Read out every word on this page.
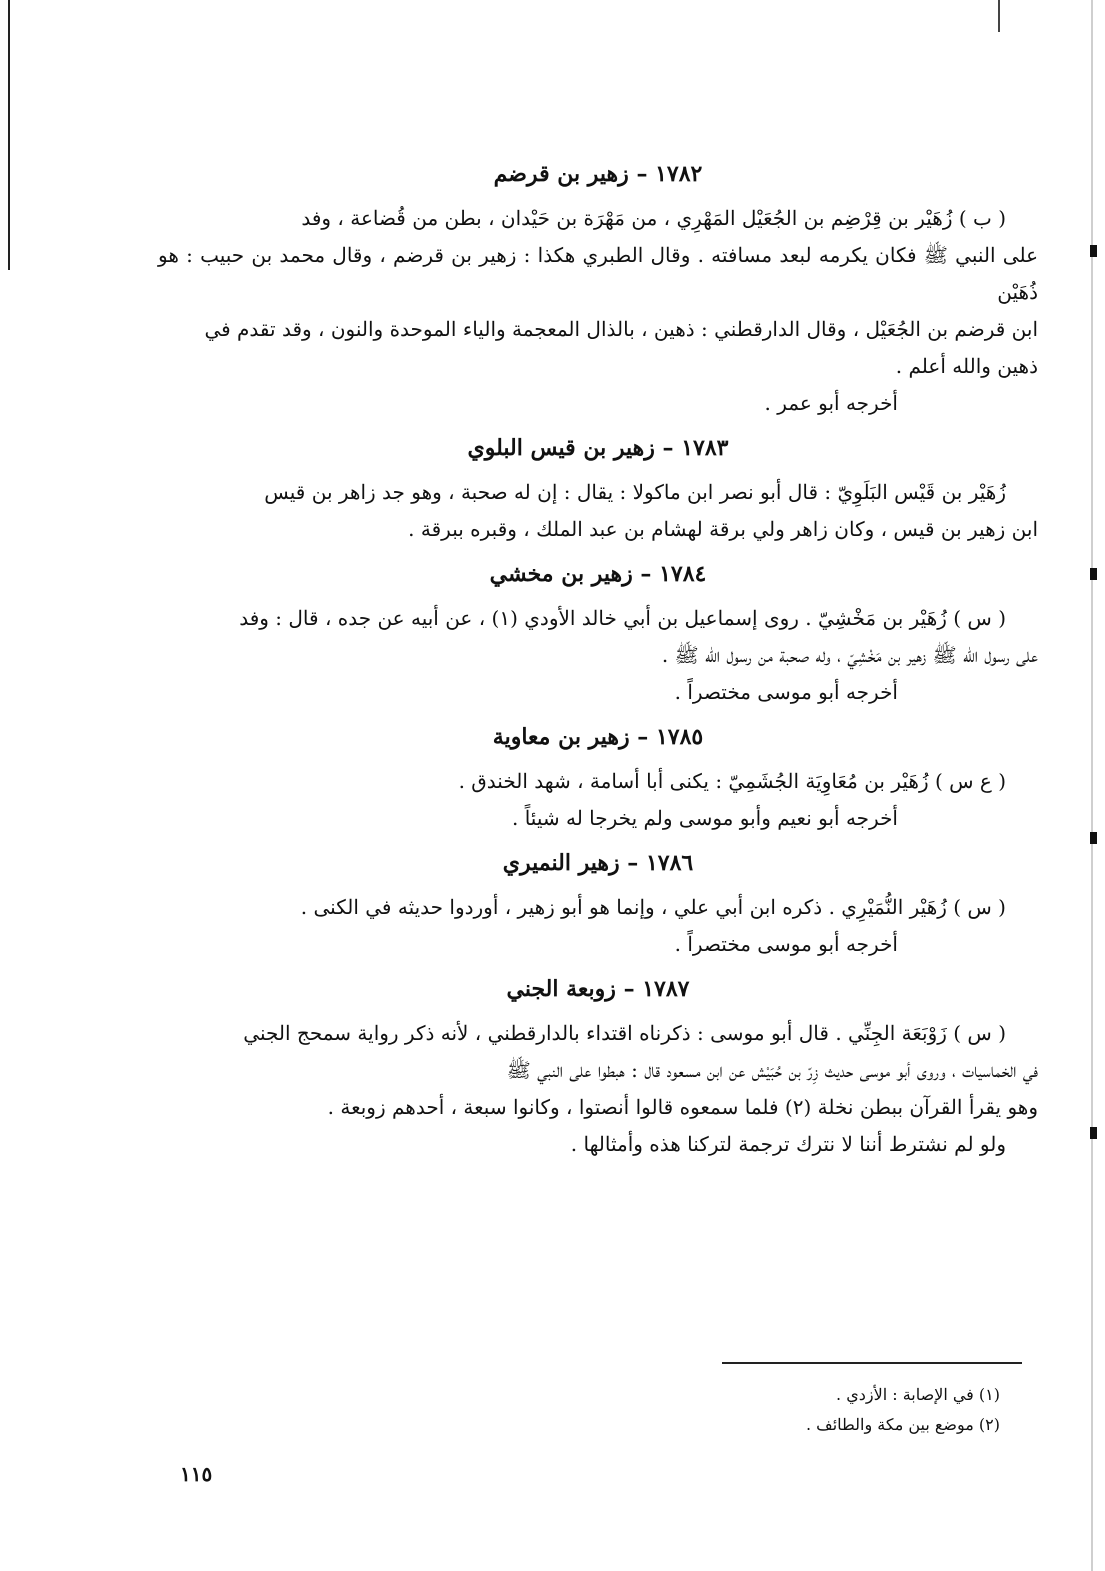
١٧٨٢ – زهير بن قرضم
( ب ) زُهَيْر بن قِرْضِم بن الجُعَيْل المَهْرِي ، من مَهْرَة بن حَيْدان ، بطن من قُضاعة ، وفد
على النبي ﷺ فكان يكرمه لبعد مسافته . وقال الطبري هكذا : زهير بن قرضم ، وقال محمد بن حبيب : هو ذُهَيْن
ابن قرضم بن الجُعَيْل ، وقال الدارقطني : ذهين ، بالذال المعجمة والياء الموحدة والنون ، وقد تقدم في
ذهين والله أعلم .
أخرجه أبو عمر .
١٧٨٣ – زهير بن قيس البلوي
زُهَيْر بن قَيْس البَلَوِيّ : قال أبو نصر ابن ماكولا : يقال : إن له صحبة ، وهو جد زاهر بن قيس
ابن زهير بن قيس ، وكان زاهر ولي برقة لهشام بن عبد الملك ، وقبره ببرقة .
١٧٨٤ – زهير بن مخشي
( س ) زُهَيْر بن مَخْشِيّ . روى إسماعيل بن أبي خالد الأودي (١) ، عن أبيه عن جده ، قال : وفد
على رسول الله ﷺ زهير بن مَخْشِيّ ، وله صحبة من رسول الله ﷺ .
أخرجه أبو موسى مختصراً .
١٧٨٥ – زهير بن معاوية
( ع س ) زُهَيْر بن مُعَاوِيَة الجُشَمِيّ : يكنى أبا أسامة ، شهد الخندق .
أخرجه أبو نعيم وأبو موسى ولم يخرجا له شيئاً .
١٧٨٦ – زهير النميري
( س ) زُهَيْر النُّمَيْرِي . ذكره ابن أبي علي ، وإنما هو أبو زهير ، أوردوا حديثه في الكنى .
أخرجه أبو موسى مختصراً .
١٧٨٧ – زوبعة الجني
( س ) زَوْبَعَة الجِنِّي . قال أبو موسى : ذكرناه اقتداء بالدارقطني ، لأنه ذكر رواية سمحج الجني
في الخماسيات ، وروى أبو موسى حديث زِرّ بن حُبَيْش عن ابن مسعود قال : هبطوا على النبي ﷺ
وهو يقرأ القرآن ببطن نخلة (٢) فلما سمعوه قالوا أنصتوا ، وكانوا سبعة ، أحدهم زوبعة .
ولو لم نشترط أننا لا نترك ترجمة لتركنا هذه وأمثالها .
(١) في الإصابة : الأزدي .
(٢) موضع بين مكة والطائف .
١١٥
